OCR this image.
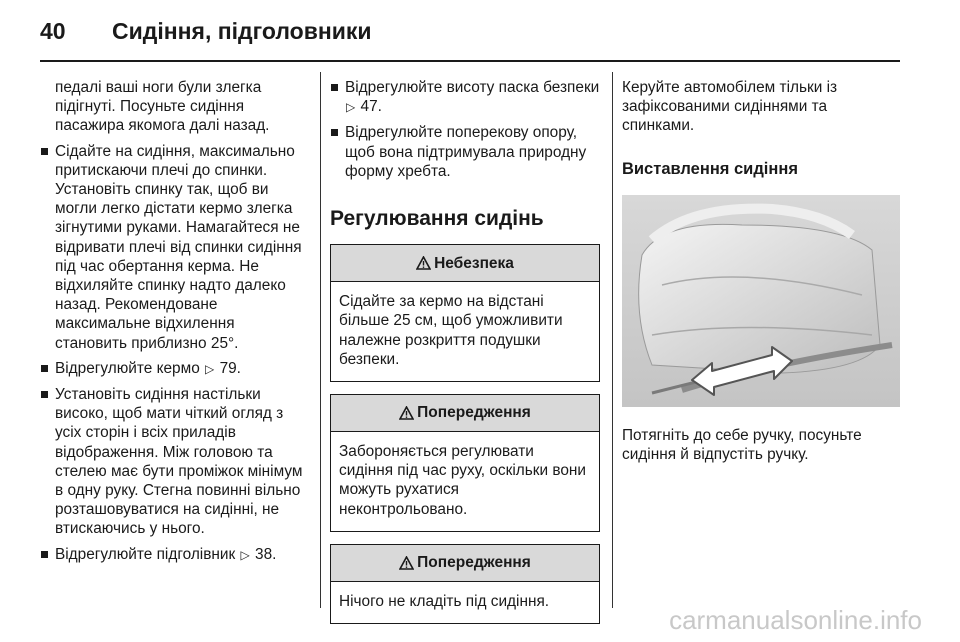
40 Сидіння, підголовники

педалі ваші ноги були злегка підігнуті. Посуньте сидіння пасажира якомога далі назад.

Сідайте на сидіння, максимально притискаючи плечі до спинки. Установіть спинку так, щоб ви могли легко дістати кермо злегка зігнутими руками. Намагайтеся не відривати плечі від спинки сидіння під час обертання керма. Не відхиляйте спинку надто далеко назад. Рекомендоване максимальне відхилення становить приблизно 25°.
Відрегулюйте кермо ▷ 79.
Установіть сидіння настільки високо, щоб мати чіткий огляд з усіх сторін і всіх приладів відображення. Між головою та стелею має бути проміжок мінімум в одну руку. Стегна повинні вільно розташовуватися на сидінні, не втискаючись у нього.
Відрегулюйте підголівник ▷ 38.
Відрегулюйте висоту паска безпеки ▷ 47.
Відрегулюйте поперекову опору, щоб вона підтримувала природну форму хребта.
Регулювання сидінь
Небезпека
Сідайте за кермо на відстані більше 25 см, щоб уможливити належне розкриття подушки безпеки.
Попередження
Забороняється регулювати сидіння під час руху, оскільки вони можуть рухатися неконтрольовано.
Попередження
Нічого не кладіть під сидіння.

Керуйте автомобілем тільки із зафіксованими сидіннями та спинками.

Виставлення сидіння

Потягніть до себе ручку, посуньте сидіння й відпустіть ручку.

carmanualsonline.info
